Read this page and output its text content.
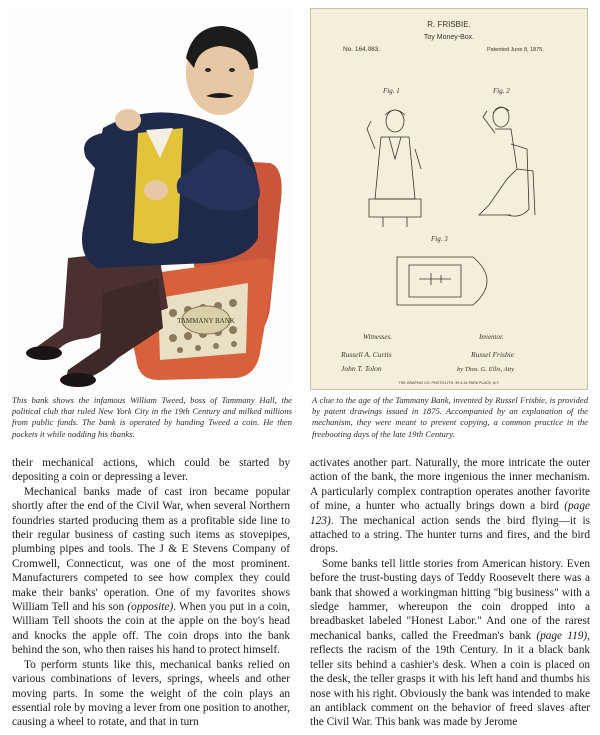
TAMMANY BANK
R. FRISBIE.
Toy Money-Box.
No. 164,083.	Patented June 8, 1875.
Fig. 1	Fig. 2
Fig. 3
Witnesses.	Inventor.
Russell A. Curtis
John T. Tolon
Russel Frisbie
by Thos. G. Ellis, Atty
THE GRAPHIC CO. PHOTO-LITH. 39 & 41 PARK PLACE, N.Y.

This bank shows the infamous William Tweed, boss of Tammany Hall, the political club that ruled New York City in the 19th Century and milked millions from public funds. The bank is operated by handing Tweed a coin. He then pockets it while nodding his thanks.

A clue to the age of the Tammany Bank, invented by Russel Frisbie, is provided by patent drawings issued in 1875. Accompanied by an explanation of the mechanism, they were meant to prevent copying, a common practice in the freebooting days of the late 19th Century.

their mechanical actions, which could be started by depositing a coin or depressing a lever.

Mechanical banks made of cast iron became popular shortly after the end of the Civil War, when several Northern foundries started producing them as a profitable side line to their regular business of casting such items as stovepipes, plumbing pipes and tools. The J & E Stevens Company of Cromwell, Connecticut, was one of the most prominent. Manufacturers competed to see how complex they could make their banks' operation. One of my favorites shows William Tell and his son (opposite). When you put in a coin, William Tell shoots the coin at the apple on the boy's head and knocks the apple off. The coin drops into the bank behind the son, who then raises his hand to protect himself.

To perform stunts like this, mechanical banks relied on various combinations of levers, springs, wheels and other moving parts. In some the weight of the coin plays an essential role by moving a lever from one position to another, causing a wheel to rotate, and that in turn

activates another part. Naturally, the more intricate the outer action of the bank, the more ingenious the inner mechanism. A particularly complex contraption operates another favorite of mine, a hunter who actually brings down a bird (page 123). The mechanical action sends the bird flying—it is attached to a string. The hunter turns and fires, and the bird drops.

Some banks tell little stories from American history. Even before the trust-busting days of Teddy Roosevelt there was a bank that showed a workingman hitting "big business" with a sledge hammer, whereupon the coin dropped into a breadbasket labeled "Honest Labor." And one of the rarest mechanical banks, called the Freedman's bank (page 119), reflects the racism of the 19th Century. In it a black bank teller sits behind a cashier's desk. When a coin is placed on the desk, the teller grasps it with his left hand and thumbs his nose with his right. Obviously the bank was intended to make an antiblack comment on the behavior of freed slaves after the Civil War. This bank was made by Jerome
